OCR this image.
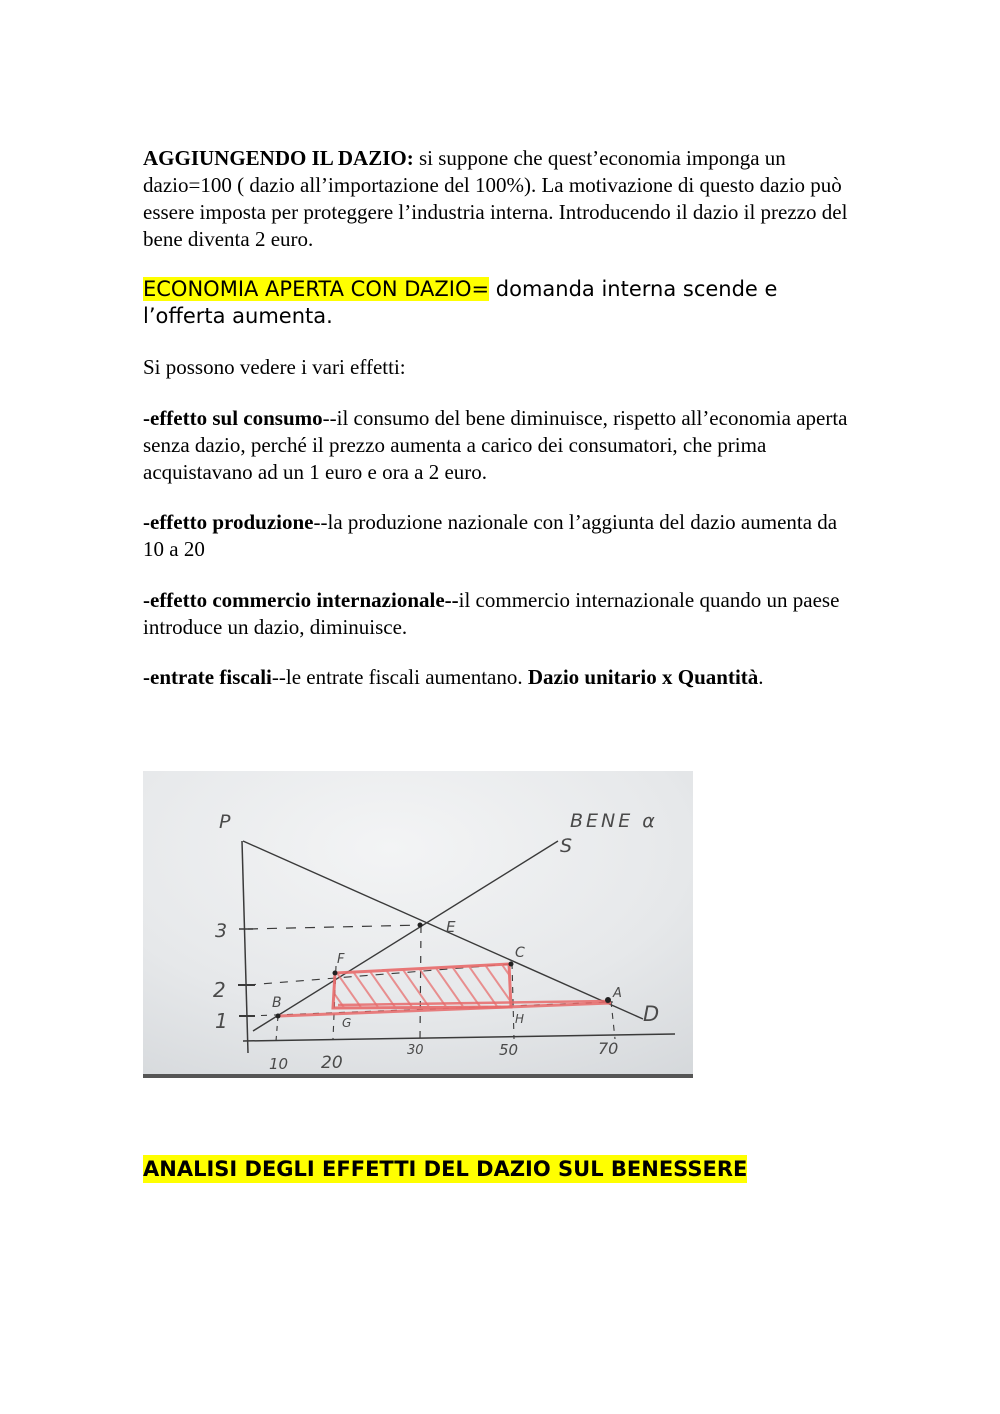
AGGIUNGENDO IL DAZIO: si suppone che quest’economia imponga un dazio=100 ( dazio all’importazione del 100%). La motivazione di questo dazio può essere imposta per proteggere l’industria interna. Introducendo il dazio il prezzo del bene diventa 2 euro.

ECONOMIA APERTA CON DAZIO= domanda interna scende e l’offerta aumenta.

Si possono vedere i vari effetti:

-effetto sul consumo--il consumo del bene diminuisce, rispetto all’economia aperta senza dazio, perché il prezzo aumenta a carico dei consumatori, che prima acquistavano ad un 1 euro e ora a 2 euro.

-effetto produzione--la produzione nazionale con l’aggiunta del dazio aumenta da 10 a 20

-effetto commercio internazionale--il commercio internazionale quando un paese introduce un dazio, diminuisce.

-entrate fiscali--le entrate fiscali aumentano. Dazio unitario x Quantità.

P	BENE α
S
D
3
2
1
10 20
30	50	70
E
F	C
B
G	H
A
ANALISI DEGLI EFFETTI DEL DAZIO SUL BENESSERE
